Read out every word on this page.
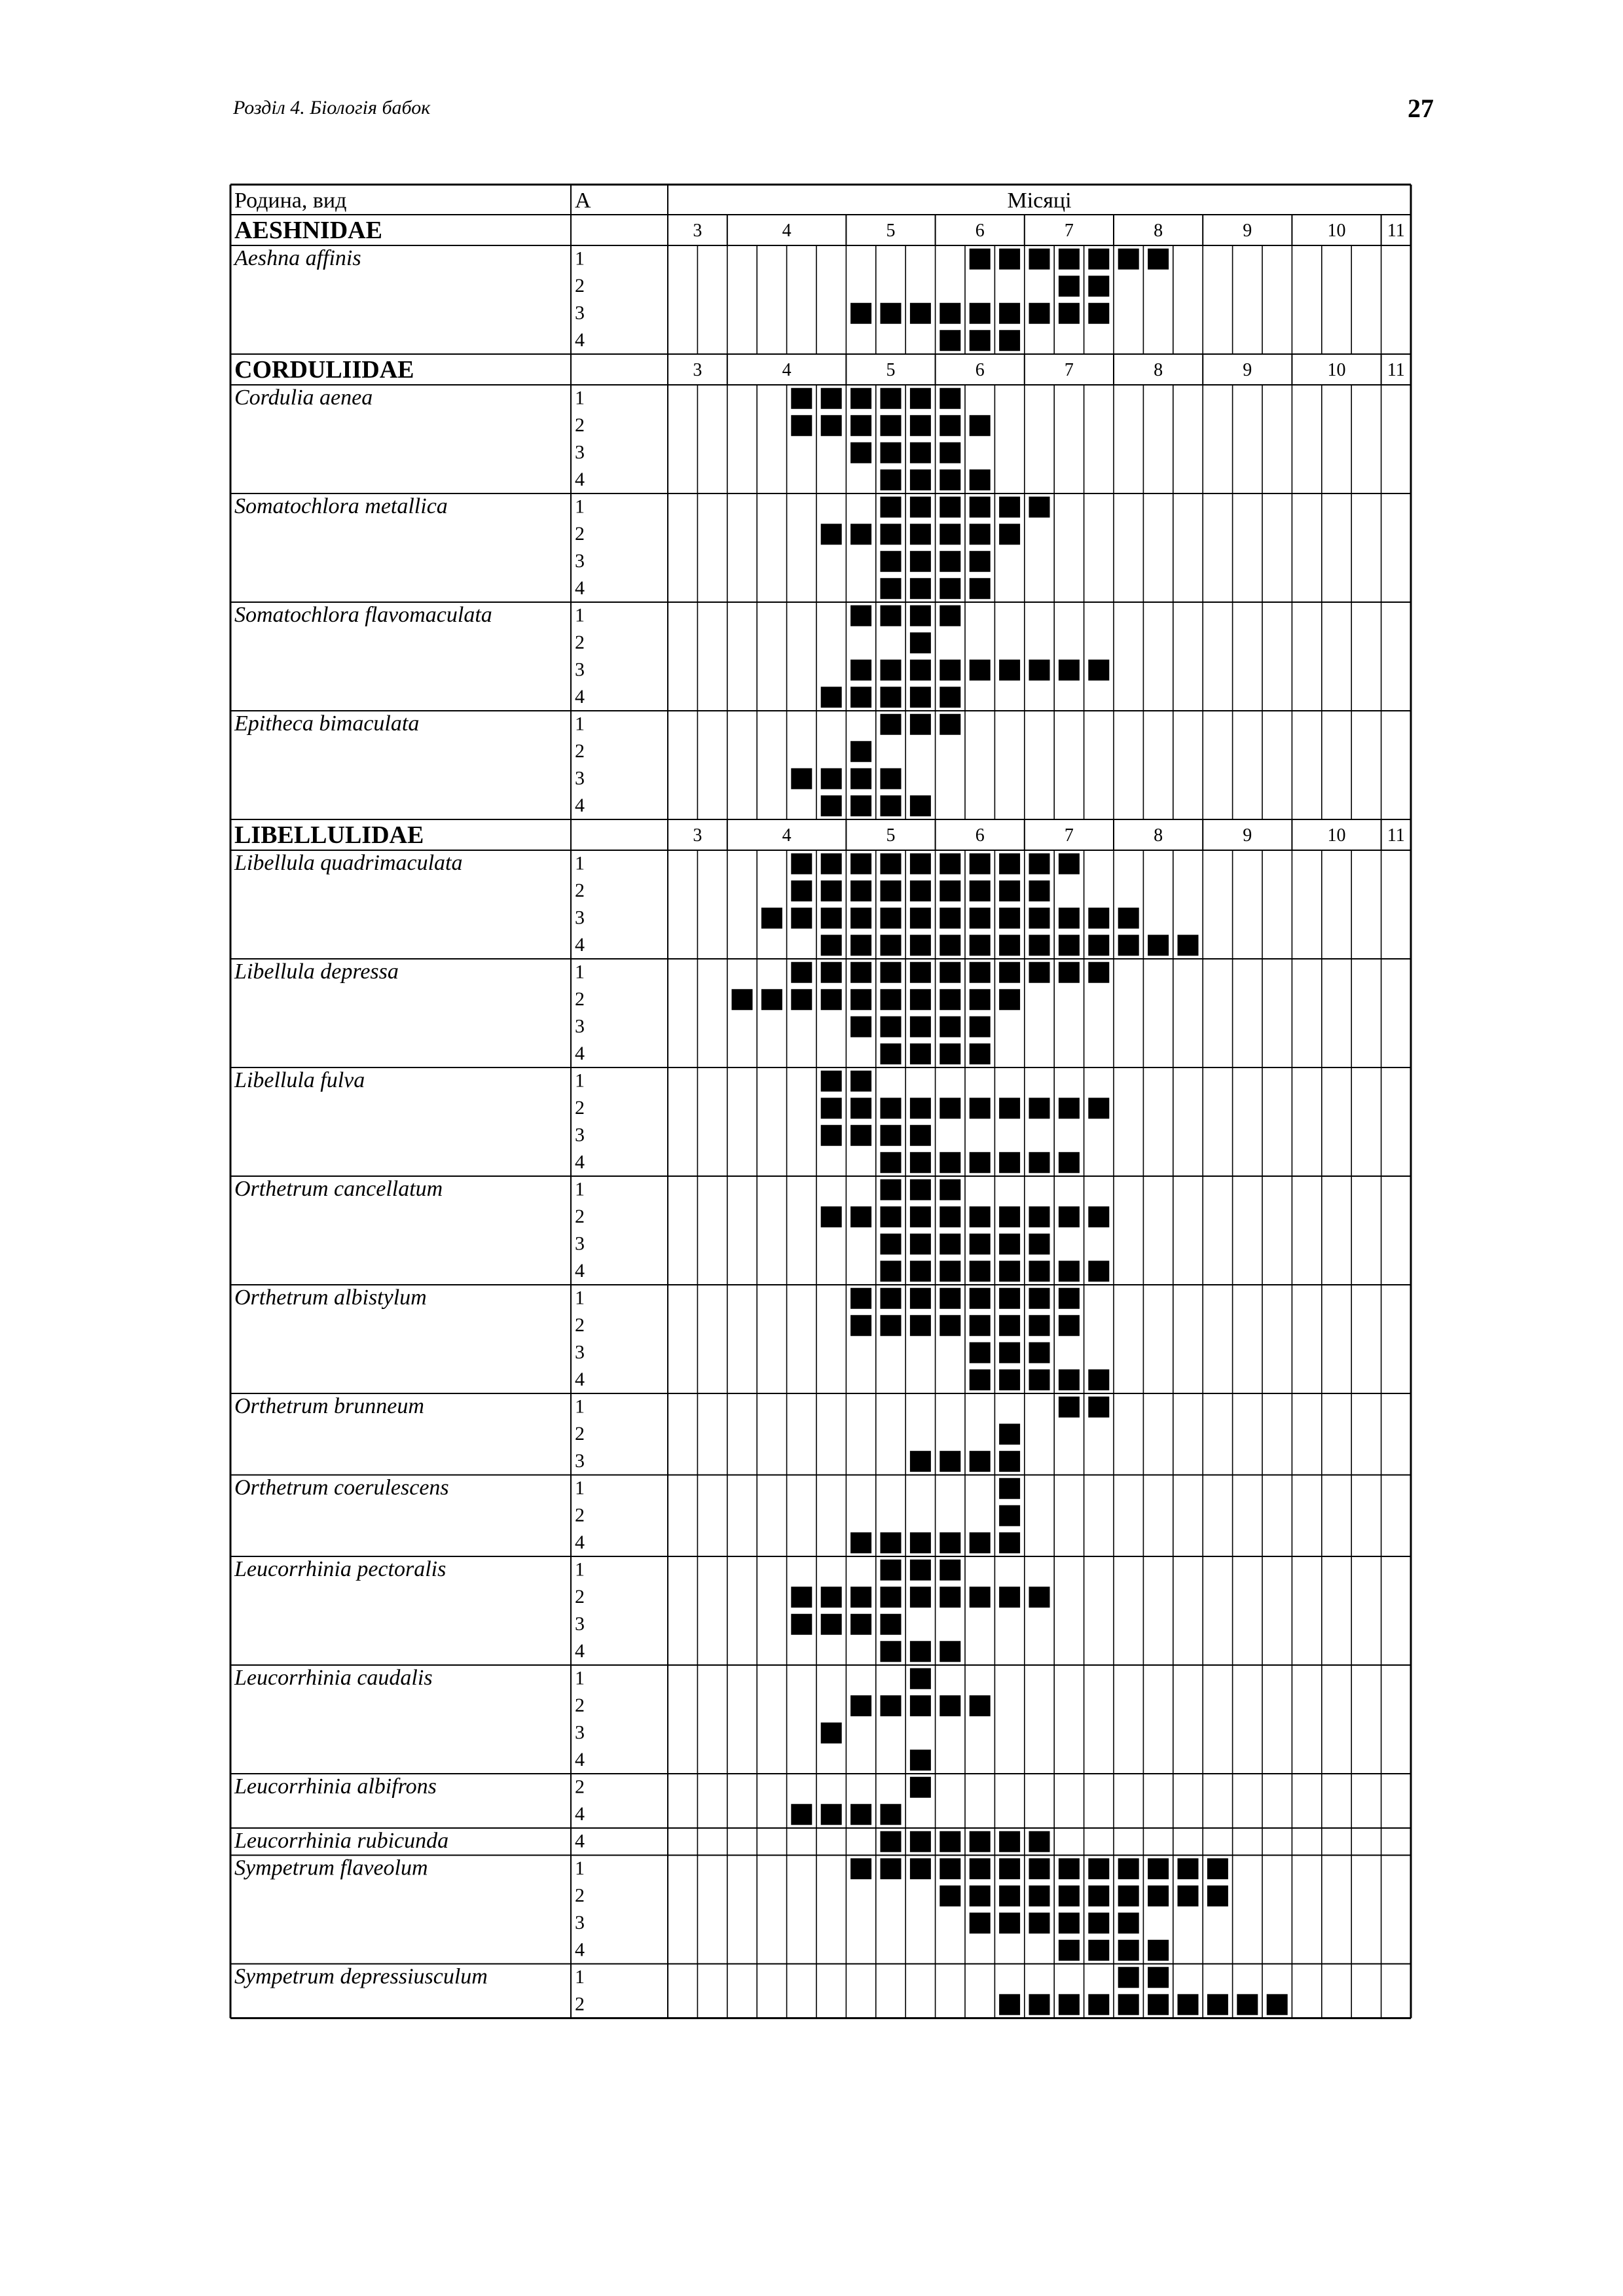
Розділ 4. Біологія бабок	27
Родина, вид	А	Місяці
AESHNIDAE	3	4	5	6	7	8	9	10 11
Aeshna affinis	1
2
3
4
CORDULIIDAE	3	4	5	6	7	8	9	10 11
Cordulia aenea	1
2
3
4
Somatochlora metallica	1
2
3
4
Somatochlora flavomaculata	1
2
3
4
Epitheca bimaculata	1
2
3
4
LIBELLULIDAE	3	4	5	6	7	8	9	10 11
Libellula quadrimaculata	1
2
3
4
Libellula depressa	1
2
3
4
Libellula fulva	1
2
3
4
Orthetrum cancellatum	1
2
3
4
Orthetrum albistylum	1
2
3
4
Orthetrum brunneum	1
2
3
Orthetrum coerulescens	1
2
4
Leucorrhinia pectoralis	1
2
3
4
Leucorrhinia caudalis	1
2
3
4
Leucorrhinia albifrons	2
4
Leucorrhinia rubicunda	4
Sympetrum flaveolum	1
2
3
4
Sympetrum depressiusculum	1
2
